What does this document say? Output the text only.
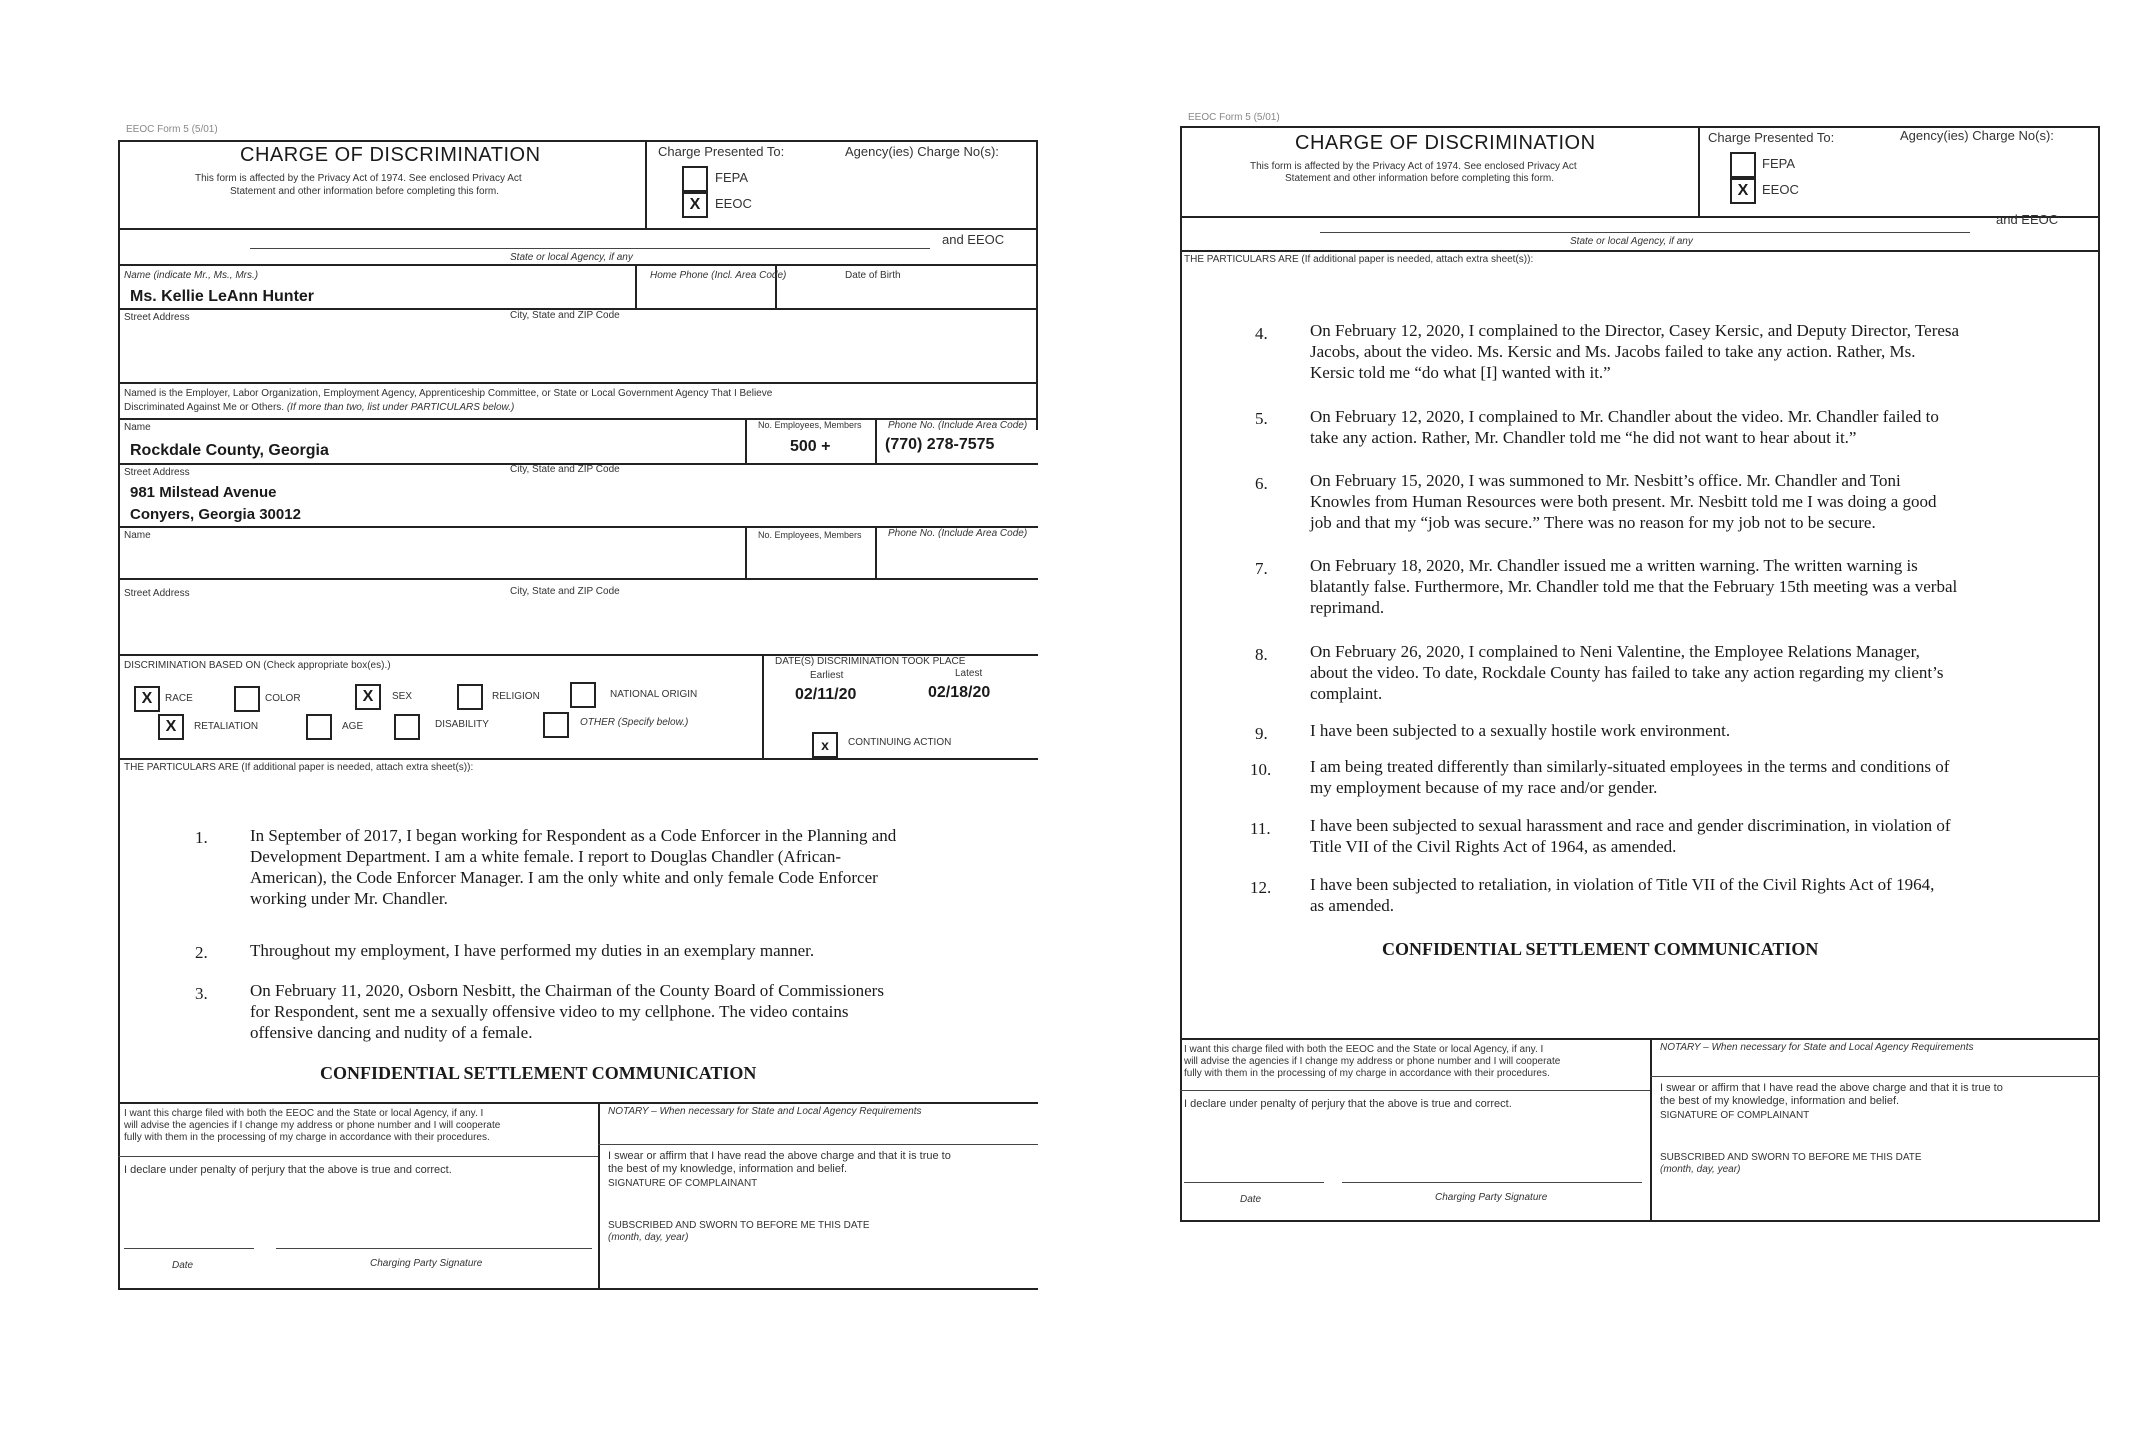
EEOC Form 5 (5/01)
CHARGE OF DISCRIMINATION
This form is affected by the Privacy Act of 1974. See enclosed Privacy Act
Statement and other information before completing this form.
Charge Presented To:	Agency(ies) Charge No(s):
FEPA
X	EEOC
and EEOC
State or local Agency, if any
Name (indicate Mr., Ms., Mrs.)	Home Phone (Incl. Area Code)	Date of Birth
Ms. Kellie LeAnn Hunter
Street Address	City, State and ZIP Code
Named is the Employer, Labor Organization, Employment Agency, Apprenticeship Committee, or State or Local Government Agency That I Believe
Discriminated Against Me or Others. (If more than two, list under PARTICULARS below.)
Name	No. Employees, Members	Phone No. (Include Area Code)
Rockdale County, Georgia	500 +	(770) 278-7575
Street Address	City, State and ZIP Code
981 Milstead Avenue
Conyers, Georgia 30012
Name	No. Employees, Members	Phone No. (Include Area Code)
Street Address	City, State and ZIP Code
DISCRIMINATION BASED ON (Check appropriate box(es).)	DATE(S) DISCRIMINATION TOOK PLACE
Earliest	Latest
02/11/20	02/18/20
X	RACE	COLOR	X	SEX	RELIGION	NATIONAL ORIGIN
X	RETALIATION	AGE	DISABILITY	OTHER (Specify below.)
x	CONTINUING ACTION
THE PARTICULARS ARE (If additional paper is needed, attach extra sheet(s)):
1. In September of 2017, I began working for Respondent as a Code Enforcer in the Planning and
Development Department. I am a white female. I report to Douglas Chandler (African-
American), the Code Enforcer Manager. I am the only white and only female Code Enforcer
working under Mr. Chandler.
2. Throughout my employment, I have performed my duties in an exemplary manner.
3. On February 11, 2020, Osborn Nesbitt, the Chairman of the County Board of Commissioners
for Respondent, sent me a sexually offensive video to my cellphone. The video contains
offensive dancing and nudity of a female.
CONFIDENTIAL SETTLEMENT COMMUNICATION
I want this charge filed with both the EEOC and the State or local Agency, if any. I
will advise the agencies if I change my address or phone number and I will cooperate
fully with them in the processing of my charge in accordance with their procedures.
NOTARY – When necessary for State and Local Agency Requirements
I declare under penalty of perjury that the above is true and correct.
I swear or affirm that I have read the above charge and that it is true to
the best of my knowledge, information and belief.
SIGNATURE OF COMPLAINANT
SUBSCRIBED AND SWORN TO BEFORE ME THIS DATE
(month, day, year)
Date	Charging Party Signature
EEOC Form 5 (5/01)
CHARGE OF DISCRIMINATION
This form is affected by the Privacy Act of 1974. See enclosed Privacy Act
Statement and other information before completing this form.
Charge Presented To:	Agency(ies) Charge No(s):
FEPA
X	EEOC
and EEOC
State or local Agency, if any
THE PARTICULARS ARE (If additional paper is needed, attach extra sheet(s)):
4. On February 12, 2020, I complained to the Director, Casey Kersic, and Deputy Director, Teresa
Jacobs, about the video. Ms. Kersic and Ms. Jacobs failed to take any action. Rather, Ms.
Kersic told me “do what [I] wanted with it.”
5. On February 12, 2020, I complained to Mr. Chandler about the video. Mr. Chandler failed to
take any action. Rather, Mr. Chandler told me “he did not want to hear about it.”
6. On February 15, 2020, I was summoned to Mr. Nesbitt’s office. Mr. Chandler and Toni
Knowles from Human Resources were both present. Mr. Nesbitt told me I was doing a good
job and that my “job was secure.” There was no reason for my job not to be secure.
7. On February 18, 2020, Mr. Chandler issued me a written warning. The written warning is
blatantly false. Furthermore, Mr. Chandler told me that the February 15th meeting was a verbal
reprimand.
8. On February 26, 2020, I complained to Neni Valentine, the Employee Relations Manager,
about the video. To date, Rockdale County has failed to take any action regarding my client’s
complaint.
9. I have been subjected to a sexually hostile work environment.
10. I am being treated differently than similarly-situated employees in the terms and conditions of
my employment because of my race and/or gender.
11. I have been subjected to sexual harassment and race and gender discrimination, in violation of
Title VII of the Civil Rights Act of 1964, as amended.
12. I have been subjected to retaliation, in violation of Title VII of the Civil Rights Act of 1964,
as amended.
CONFIDENTIAL SETTLEMENT COMMUNICATION
I want this charge filed with both the EEOC and the State or local Agency, if any. I
will advise the agencies if I change my address or phone number and I will cooperate
fully with them in the processing of my charge in accordance with their procedures.
NOTARY – When necessary for State and Local Agency Requirements
I declare under penalty of perjury that the above is true and correct.
I swear or affirm that I have read the above charge and that it is true to
the best of my knowledge, information and belief.
SIGNATURE OF COMPLAINANT
SUBSCRIBED AND SWORN TO BEFORE ME THIS DATE
(month, day, year)
Date	Charging Party Signature
